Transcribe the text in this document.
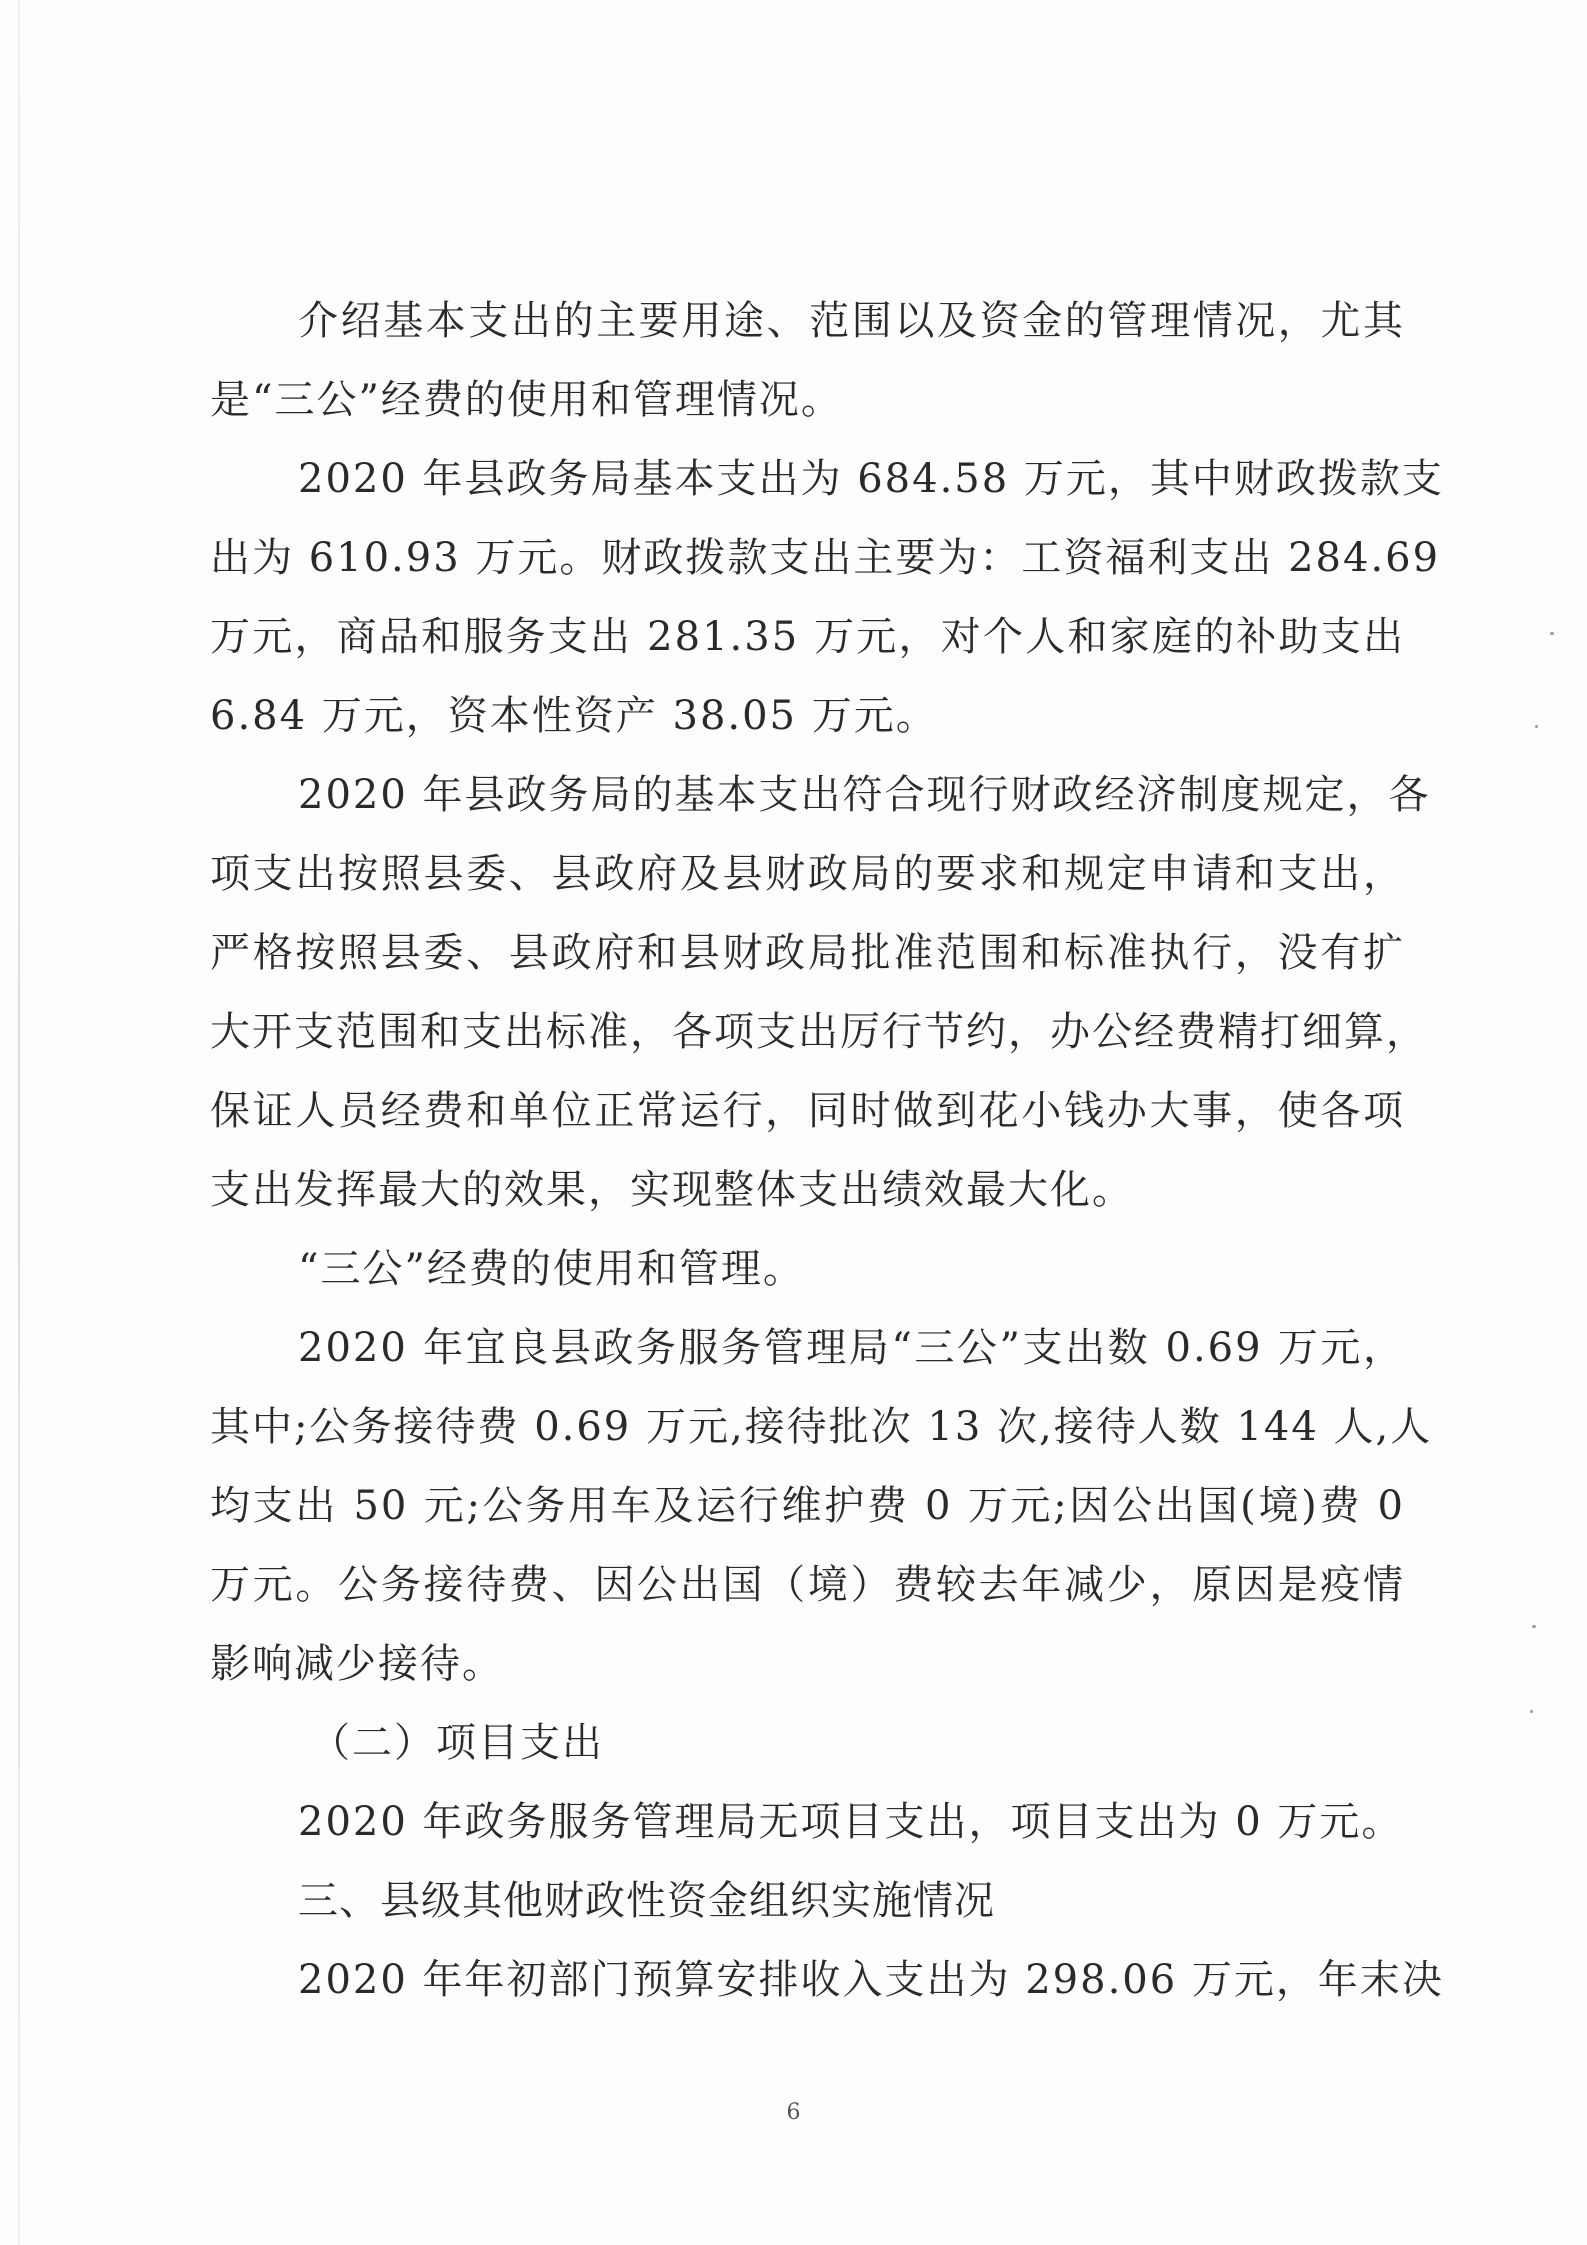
介绍基本支出的主要用途、范围以及资金的管理情况，尤其
是“三公”经费的使用和管理情况。
2020 年县政务局基本支出为 684.58 万元，其中财政拨款支
出为 610.93 万元。财政拨款支出主要为：工资福利支出 284.69
万元，商品和服务支出 281.35 万元，对个人和家庭的补助支出
6.84 万元，资本性资产 38.05 万元。
2020 年县政务局的基本支出符合现行财政经济制度规定，各
项支出按照县委、县政府及县财政局的要求和规定申请和支出，
严格按照县委、县政府和县财政局批准范围和标准执行，没有扩
大开支范围和支出标准，各项支出厉行节约，办公经费精打细算，
保证人员经费和单位正常运行，同时做到花小钱办大事，使各项
支出发挥最大的效果，实现整体支出绩效最大化。
“三公”经费的使用和管理。
2020 年宜良县政务服务管理局“三公”支出数 0.69 万元，
其中;公务接待费 0.69 万元,接待批次 13 次,接待人数 144 人,人
均支出 50 元;公务用车及运行维护费 0 万元;因公出国(境)费 0
万元。公务接待费、因公出国（境）费较去年减少，原因是疫情
影响减少接待。
（二）项目支出
2020 年政务服务管理局无项目支出，项目支出为 0 万元。
三、县级其他财政性资金组织实施情况
2020 年年初部门预算安排收入支出为 298.06 万元，年末决
6
